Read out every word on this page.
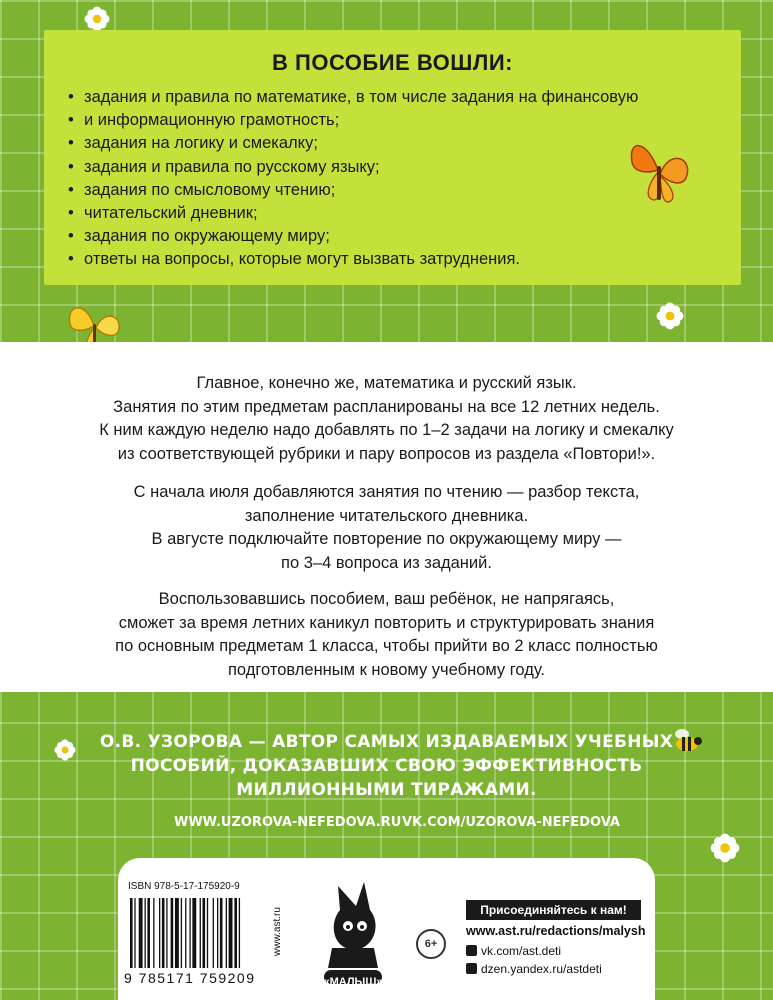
В ПОСОБИЕ ВОШЛИ:
• задания и правила по математике, в том числе задания на финансовую
• и информационную грамотность;
• задания на логику и смекалку;
• задания и правила по русскому языку;
• задания по смысловому чтению;
• читательский дневник;
• задания по окружающему миру;
• ответы на вопросы, которые могут вызвать затруднения.

Главное, конечно же, математика и русский язык.
Занятия по этим предметам распланированы на все 12 летних недель.
К ним каждую неделю надо добавлять по 1–2 задачи на логику и смекалку
из соответствующей рубрики и пару вопросов из раздела «Повтори!».

С начала июля добавляются занятия по чтению — разбор текста,
заполнение читательского дневника.
В августе подключайте повторение по окружающему миру —
по 3–4 вопроса из заданий.

Воспользовавшись пособием, ваш ребёнок, не напрягаясь,
сможет за время летних каникул повторить и структурировать знания
по основным предметам 1 класса, чтобы прийти во 2 класс полностью
подготовленным к новому учебному году.

О.В. УЗОРОВА — АВТОР САМЫХ ИЗДАВАЕМЫХ УЧЕБНЫХ
ПОСОБИЙ, ДОКАЗАВШИХ СВОЮ ЭФФЕКТИВНОСТЬ
МИЛЛИОННЫМИ ТИРАЖАМИ.
WWW.UZOROVA-NEFEDOVA.RU VK.COM/UZOROVA-NEFEDOVA
ISBN 978-5-17-175920-9
9 785171 759209
www.ast.ru
«МАЛЫШ»
6+
Присоединяйтесь к нам!
www.ast.ru/redactions/malysh
vk.com/ast.deti
dzen.yandex.ru/astdeti
